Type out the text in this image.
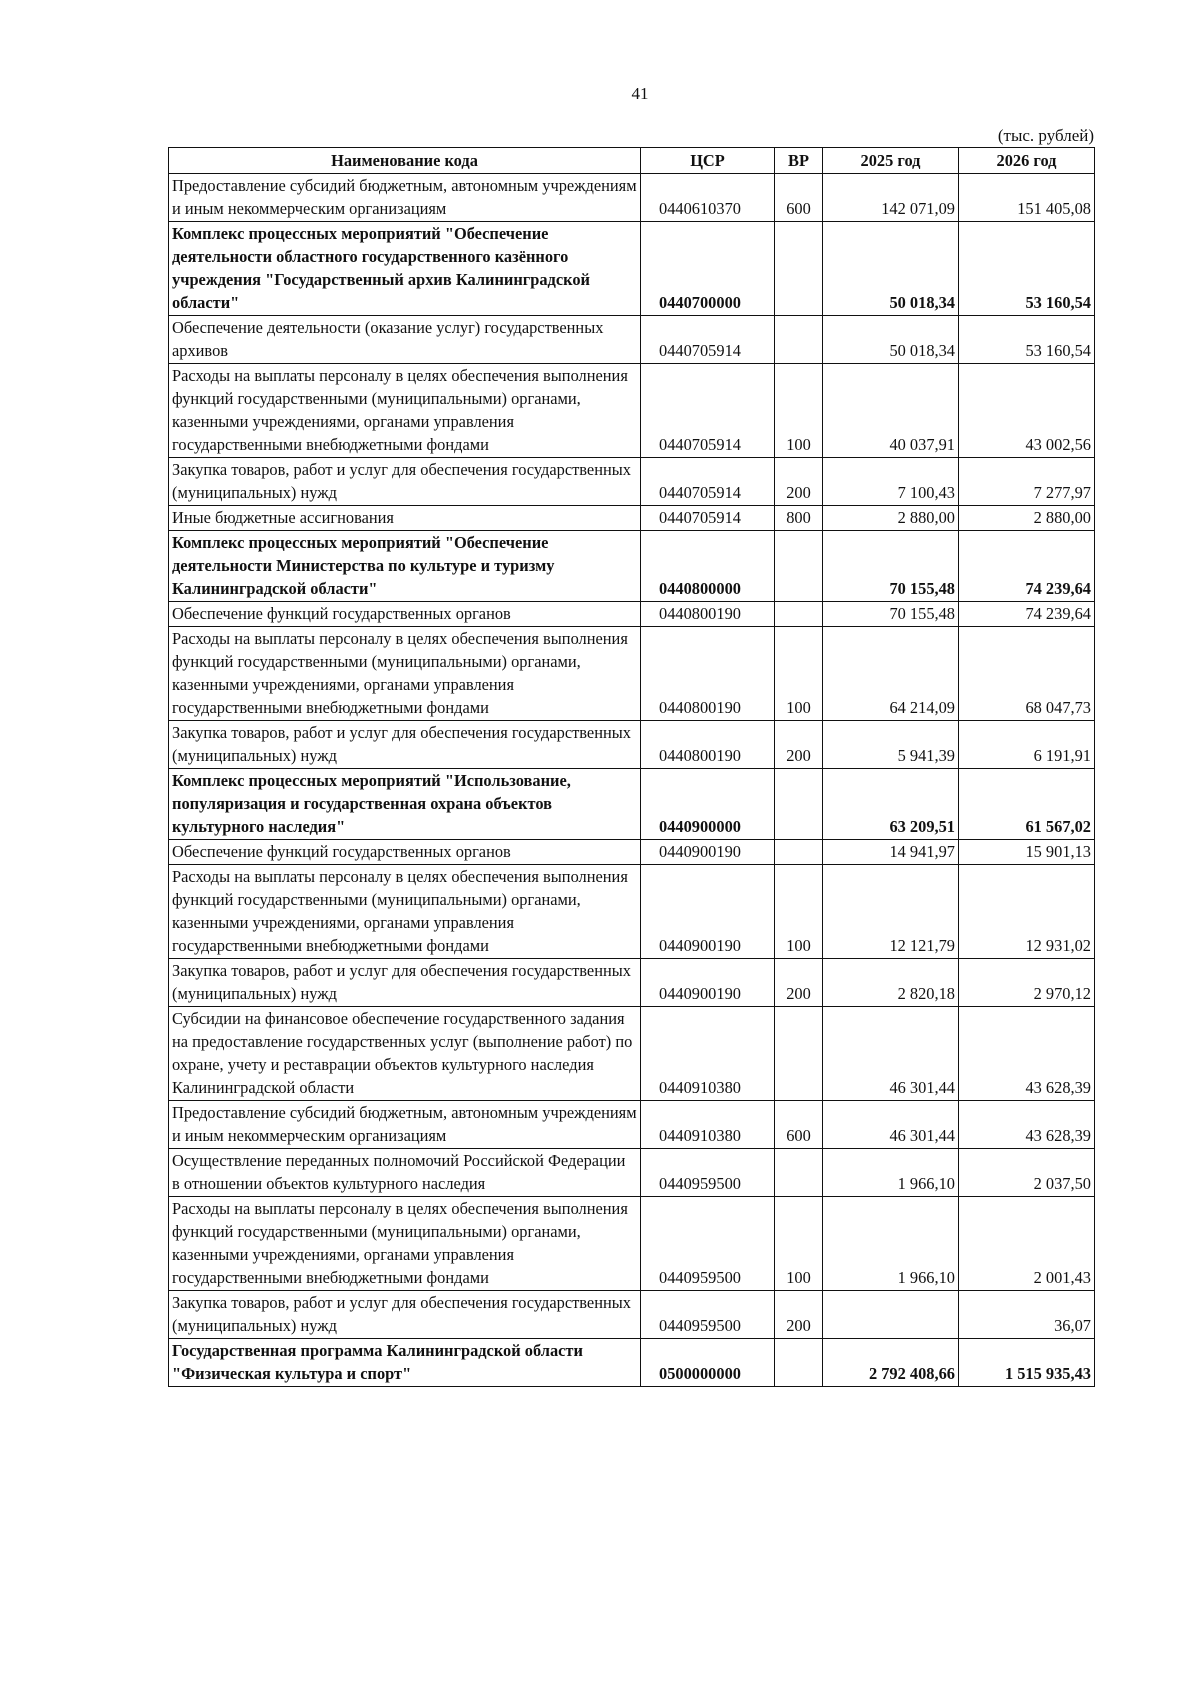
41
(тыс. рублей)
Наименование кода	ЦСР	ВР	2025 год	2026 год
Предоставление субсидий бюджетным, автономным учреждениям и иным некоммерческим организациям	0440610370	600	142 071,09	151 405,08
Комплекс процессных мероприятий "Обеспечение деятельности областного государственного казённого учреждения "Государственный архив Калининградской области"	0440700000		50 018,34	53 160,54
Обеспечение деятельности (оказание услуг) государственных архивов	0440705914		50 018,34	53 160,54
Расходы на выплаты персоналу в целях обеспечения выполнения функций государственными (муниципальными) органами, казенными учреждениями, органами управления государственными внебюджетными фондами	0440705914	100	40 037,91	43 002,56
Закупка товаров, работ и услуг для обеспечения государственных (муниципальных) нужд	0440705914	200	7 100,43	7 277,97
Иные бюджетные ассигнования	0440705914	800	2 880,00	2 880,00
Комплекс процессных мероприятий "Обеспечение деятельности Министерства по культуре и туризму Калининградской области"	0440800000		70 155,48	74 239,64
Обеспечение функций государственных органов	0440800190		70 155,48	74 239,64
Расходы на выплаты персоналу в целях обеспечения выполнения функций государственными (муниципальными) органами, казенными учреждениями, органами управления государственными внебюджетными фондами	0440800190	100	64 214,09	68 047,73
Закупка товаров, работ и услуг для обеспечения государственных (муниципальных) нужд	0440800190	200	5 941,39	6 191,91
Комплекс процессных мероприятий "Использование, популяризация и государственная охрана объектов культурного наследия"	0440900000		63 209,51	61 567,02
Обеспечение функций государственных органов	0440900190		14 941,97	15 901,13
Расходы на выплаты персоналу в целях обеспечения выполнения функций государственными (муниципальными) органами, казенными учреждениями, органами управления государственными внебюджетными фондами	0440900190	100	12 121,79	12 931,02
Закупка товаров, работ и услуг для обеспечения государственных (муниципальных) нужд	0440900190	200	2 820,18	2 970,12
Субсидии на финансовое обеспечение государственного задания на предоставление государственных услуг (выполнение работ) по охране, учету и реставрации объектов культурного наследия Калининградской области	0440910380		46 301,44	43 628,39
Предоставление субсидий бюджетным, автономным учреждениям и иным некоммерческим организациям	0440910380	600	46 301,44	43 628,39
Осуществление переданных полномочий Российской Федерации в отношении объектов культурного наследия	0440959500		1 966,10	2 037,50
Расходы на выплаты персоналу в целях обеспечения выполнения функций государственными (муниципальными) органами, казенными учреждениями, органами управления государственными внебюджетными фондами	0440959500	100	1 966,10	2 001,43
Закупка товаров, работ и услуг для обеспечения государственных (муниципальных) нужд	0440959500	200		36,07
Государственная программа Калининградской области "Физическая культура и спорт"	0500000000		2 792 408,66	1 515 935,43
